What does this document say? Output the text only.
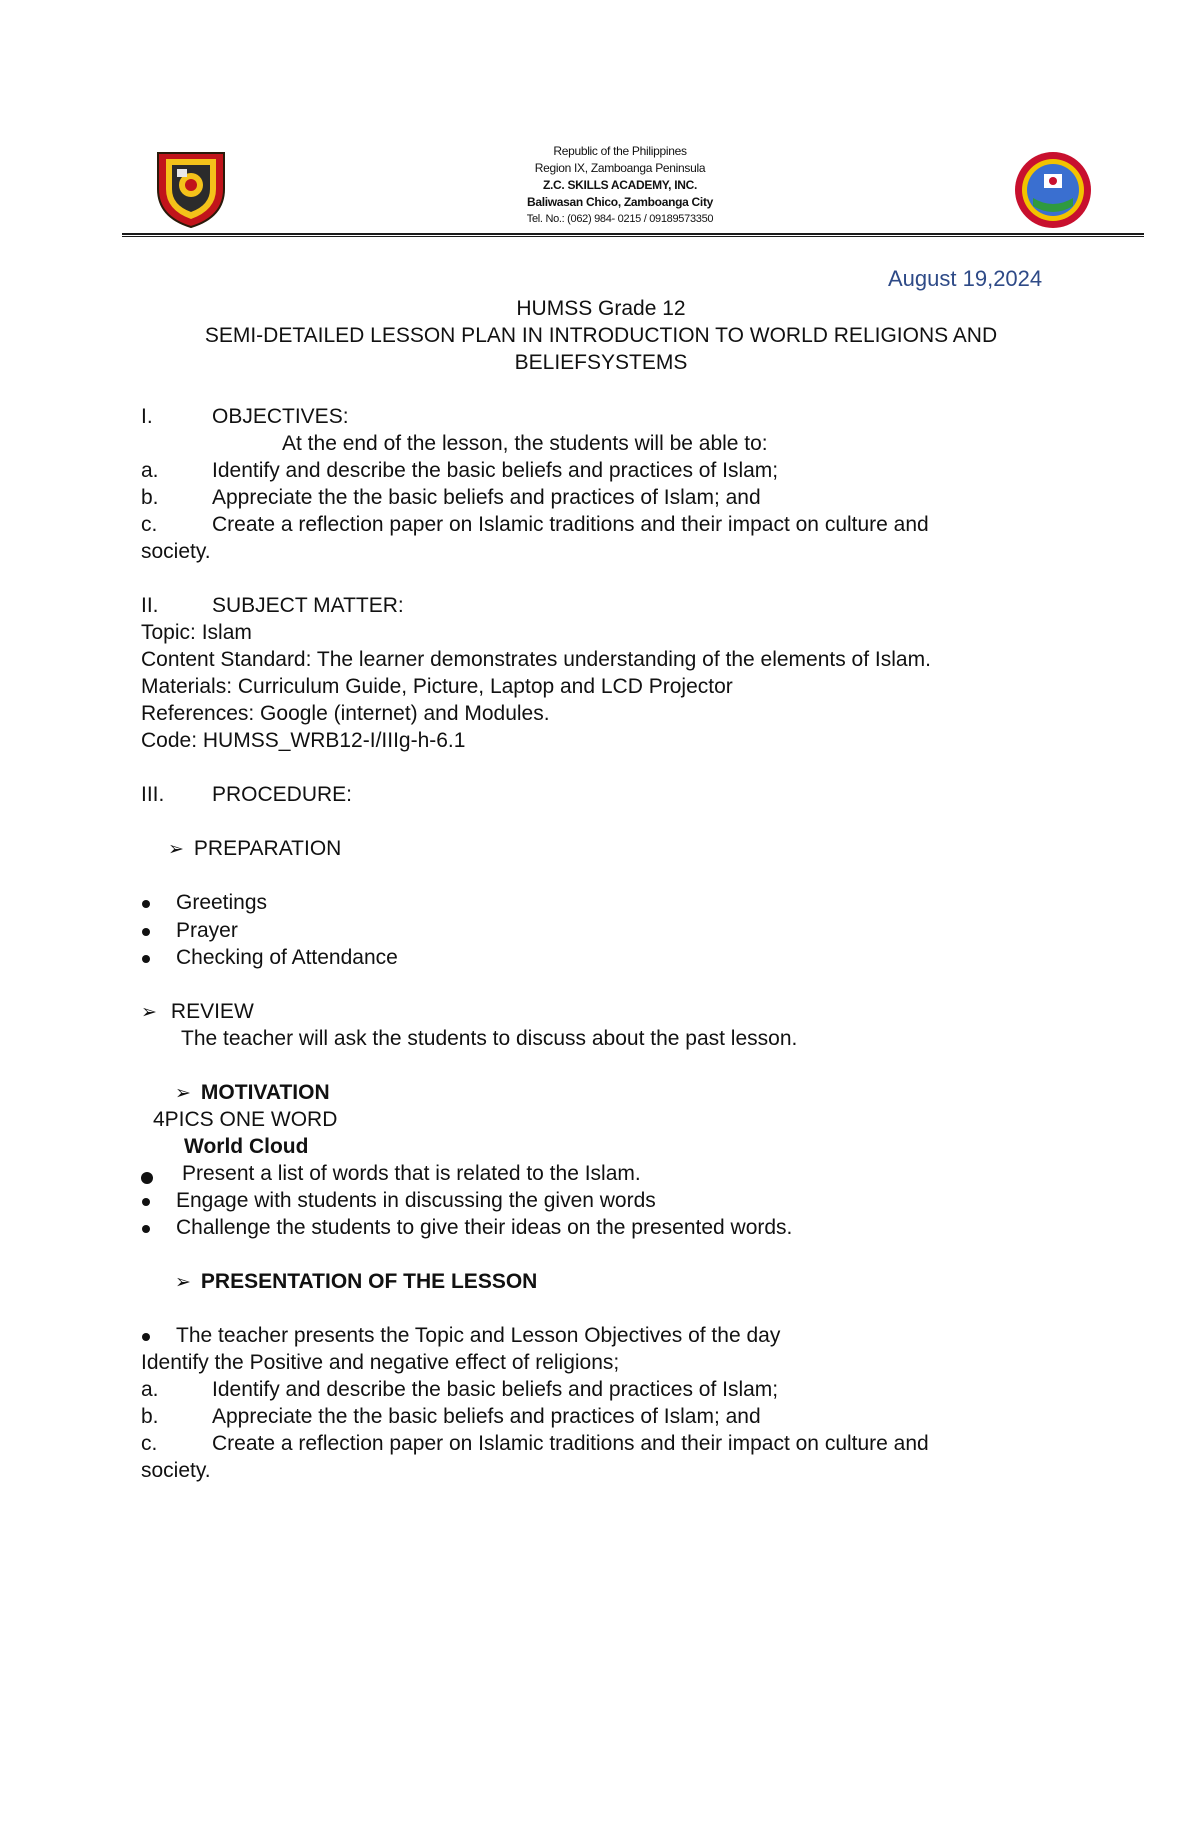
Republic of the Philippines
Region IX, Zamboanga Peninsula
Z.C. SKILLS ACADEMY, INC.
Baliwasan Chico, Zamboanga City
Tel. No.: (062) 984- 0215 / 09189573350
August 19,2024
HUMSS Grade 12
SEMI-DETAILED LESSON PLAN IN INTRODUCTION TO WORLD RELIGIONS AND
BELIEFSYSTEMS
I.	OBJECTIVES:
At the end of the lesson, the students will be able to:
a.	Identify and describe the basic beliefs and practices of Islam;
b.	Appreciate the the basic beliefs and practices of Islam; and
c.	Create a reflection paper on Islamic traditions and their impact on culture and
society.
II.	SUBJECT MATTER:
Topic: Islam
Content Standard: The learner demonstrates understanding of the elements of Islam.
Materials: Curriculum Guide, Picture, Laptop and LCD Projector
References: Google (internet) and Modules.
Code: HUMSS_WRB12-I/IIIg-h-6.1
III. PROCEDURE:
➢ PREPARATION
Greetings
Prayer
Checking of Attendance
➢ REVIEW
The teacher will ask the students to discuss about the past lesson.
➢ MOTIVATION
4PICS ONE WORD
World Cloud
Present a list of words that is related to the Islam.
Engage with students in discussing the given words
Challenge the students to give their ideas on the presented words.
➢ PRESENTATION OF THE LESSON
The teacher presents the Topic and Lesson Objectives of the day
Identify the Positive and negative effect of religions;
a.	Identify and describe the basic beliefs and practices of Islam;
b.	Appreciate the the basic beliefs and practices of Islam; and
c.	Create a reflection paper on Islamic traditions and their impact on culture and
society.
